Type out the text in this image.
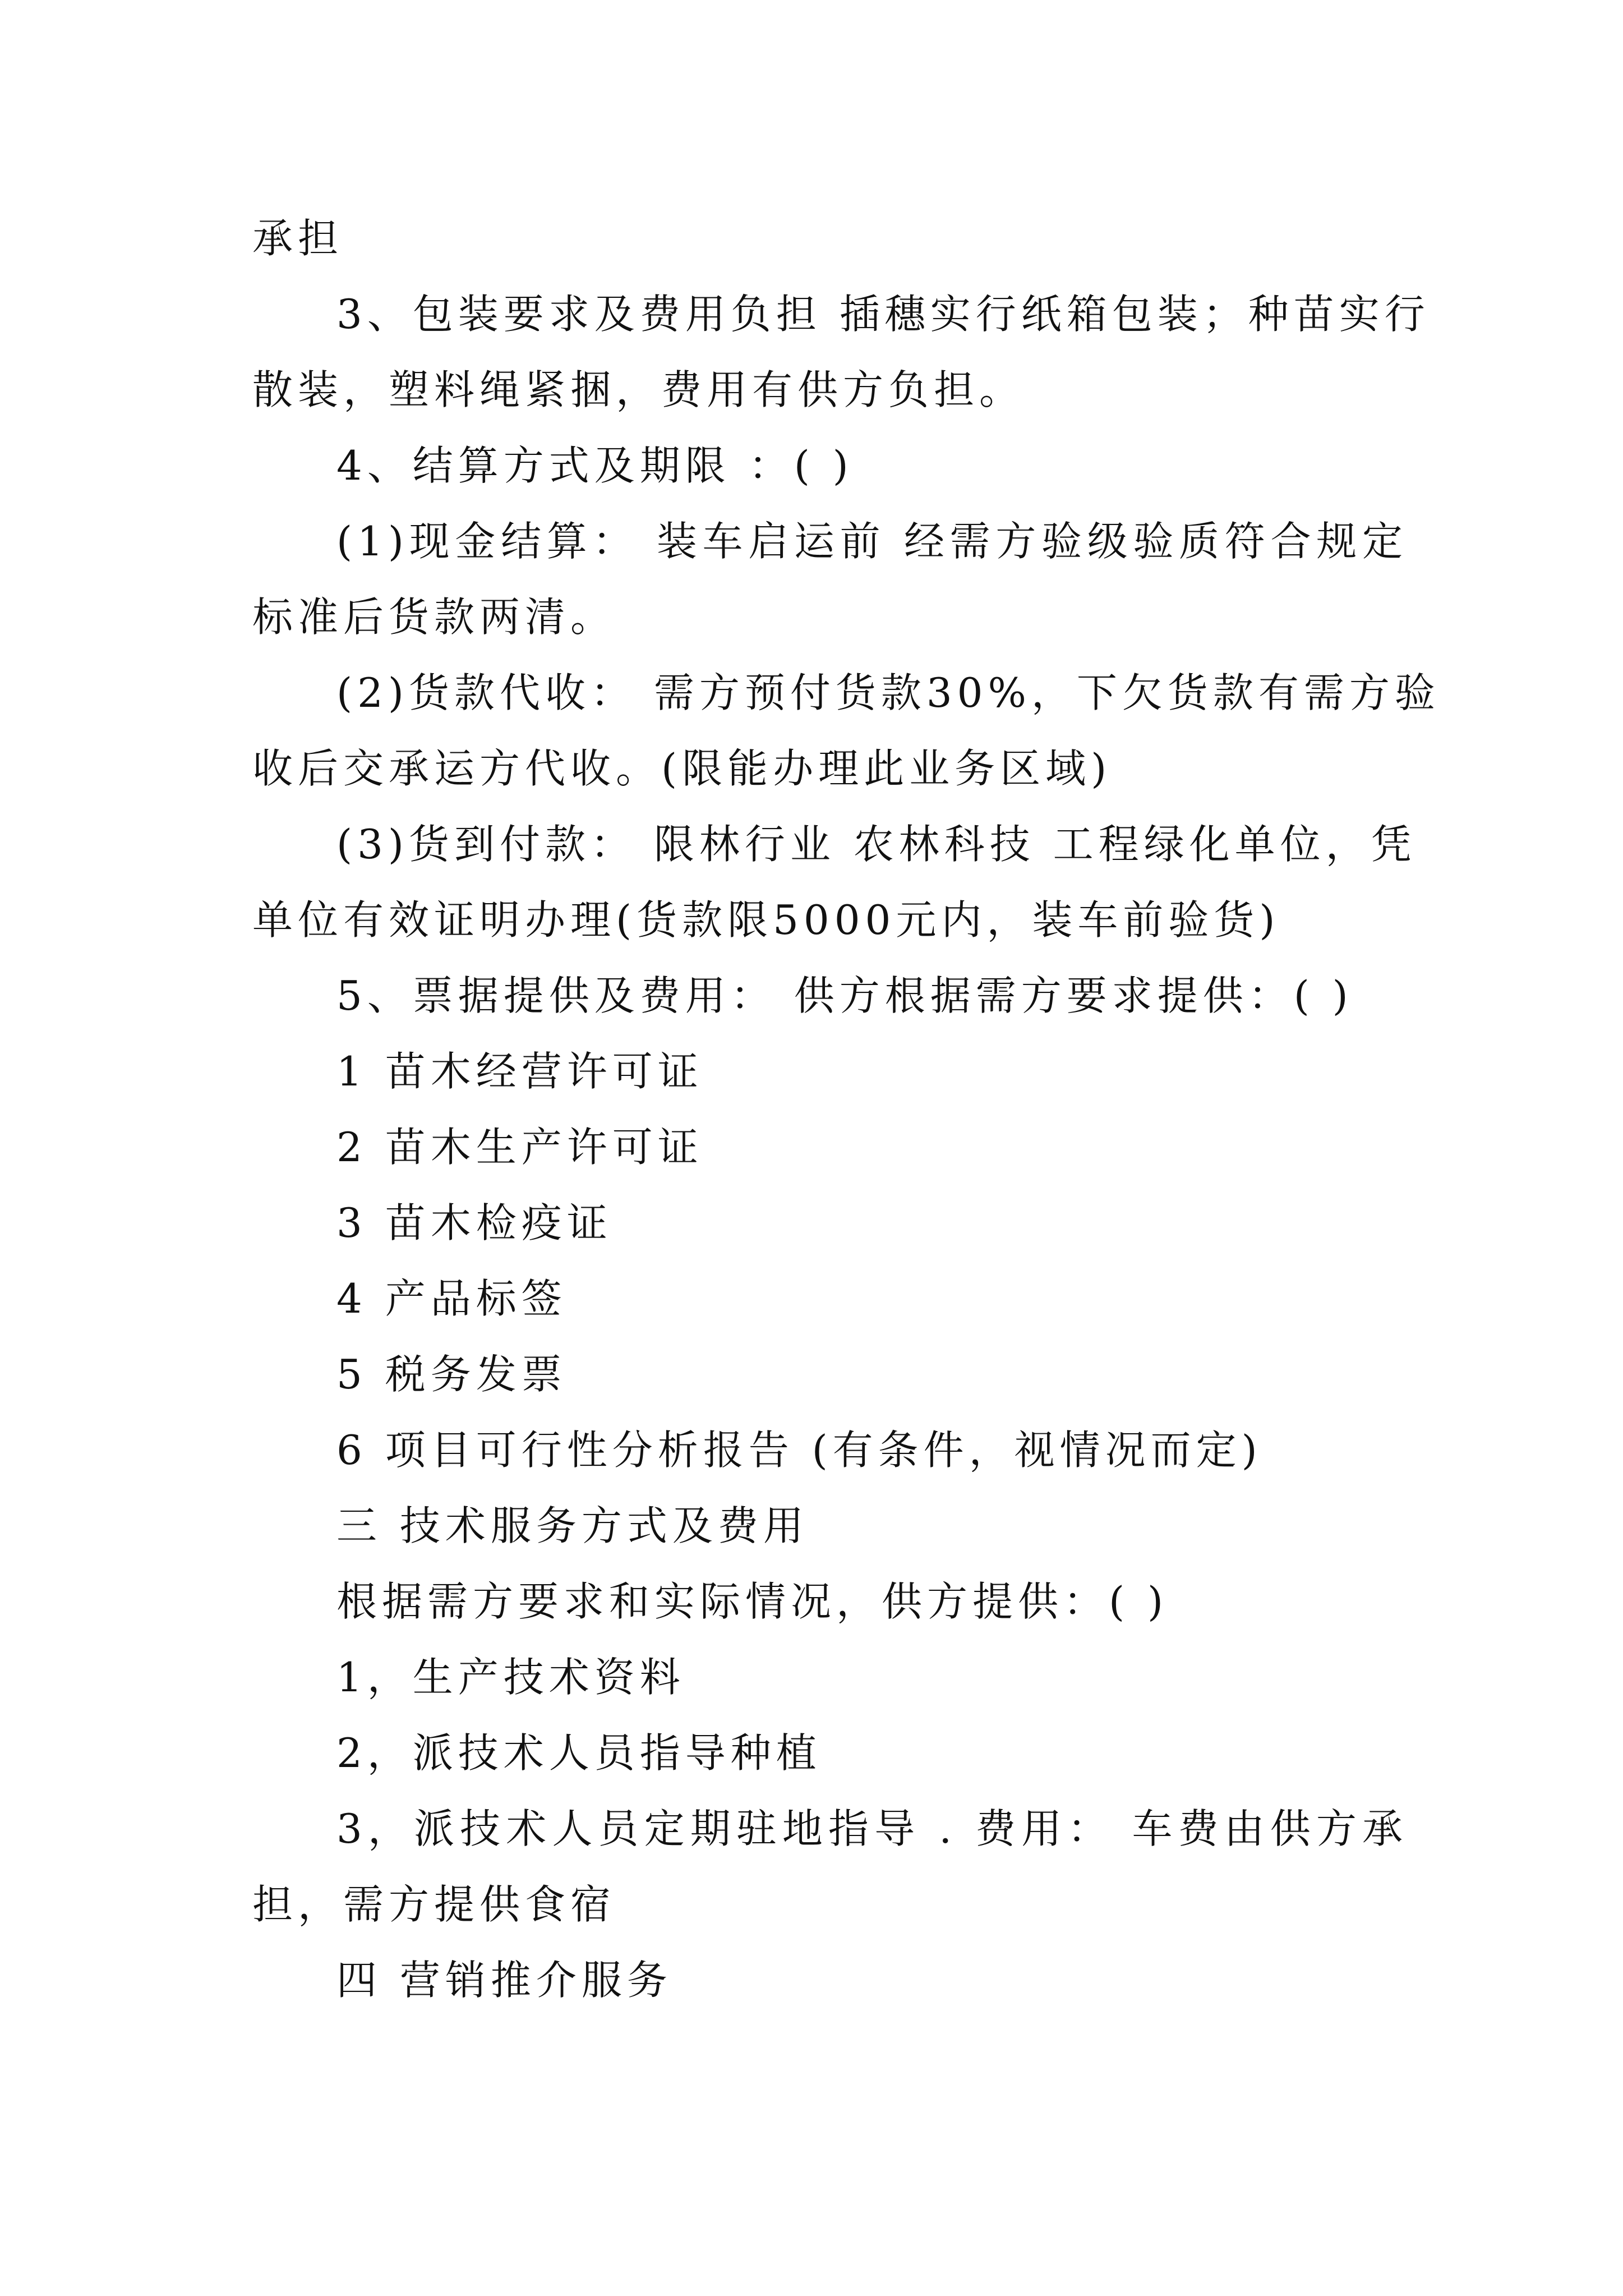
承担
3、包装要求及费用负担 插穗实行纸箱包装；种苗实行
散装，塑料绳紧捆，费用有供方负担。
4、结算方式及期限 ：( )
(1)现金结算： 装车启运前 经需方验级验质符合规定
标准后货款两清。
(2)货款代收： 需方预付货款30%，下欠货款有需方验
收后交承运方代收。(限能办理此业务区域)
(3)货到付款： 限林行业 农林科技 工程绿化单位，凭
单位有效证明办理(货款限5000元内，装车前验货)
5、票据提供及费用： 供方根据需方要求提供：( )
1 苗木经营许可证
2 苗木生产许可证
3 苗木检疫证
4 产品标签
5 税务发票
6 项目可行性分析报告 (有条件，视情况而定)
三 技术服务方式及费用
根据需方要求和实际情况，供方提供：( )
1，生产技术资料
2，派技术人员指导种植
3，派技术人员定期驻地指导 . 费用： 车费由供方承
担，需方提供食宿
四 营销推介服务
